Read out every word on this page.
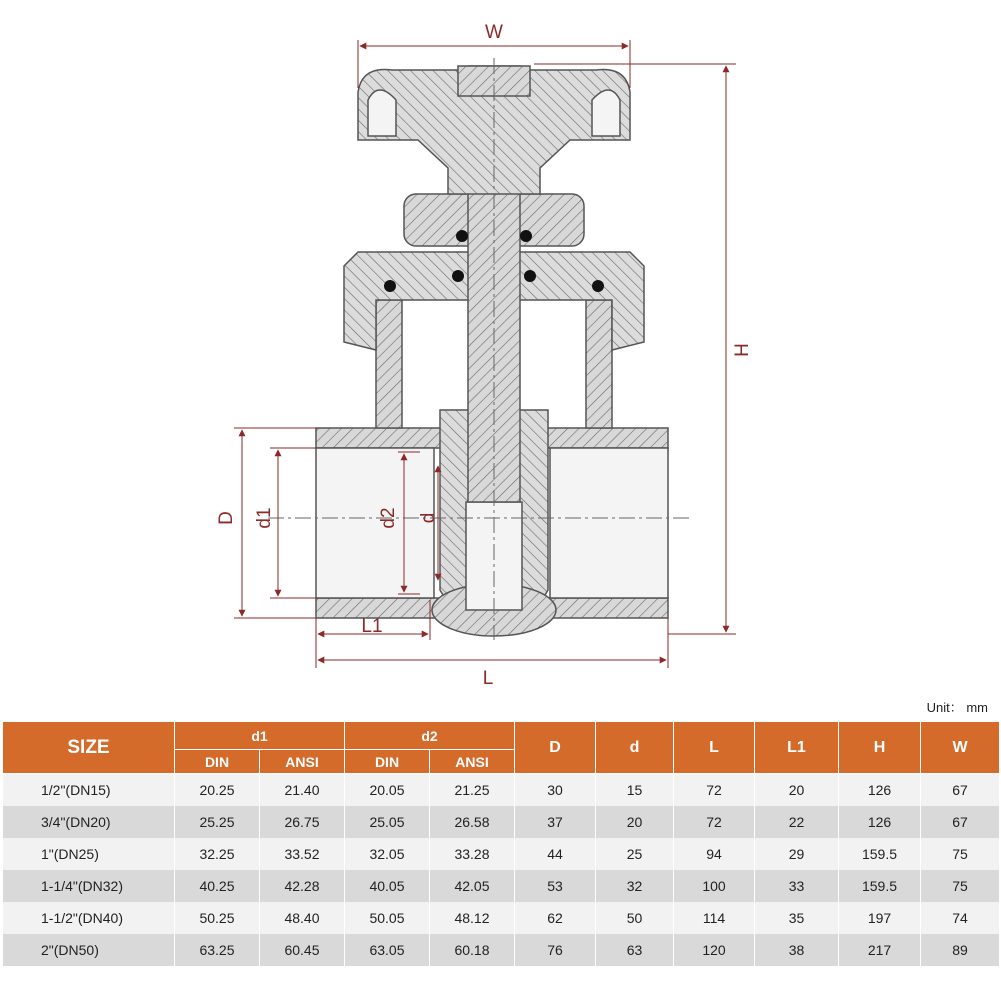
W
H
D d1	d2 d
L1
L
Unit： mm
SIZE	d1		d2		D	d	L	L1	H	W
	DIN	ANSI	DIN	ANSI						
1/2"(DN15)	20.25	21.40	20.05	21.25	30	15	72	20	126	67
3/4"(DN20)	25.25	26.75	25.05	26.58	37	20	72	22	126	67
1"(DN25)	32.25	33.52	32.05	33.28	44	25	94	29	159.5	75
1-1/4"(DN32)	40.25	42.28	40.05	42.05	53	32	100	33	159.5	75
1-1/2"(DN40)	50.25	48.40	50.05	48.12	62	50	114	35	197	74
2"(DN50)	63.25	60.45	63.05	60.18	76	63	120	38	217	89
